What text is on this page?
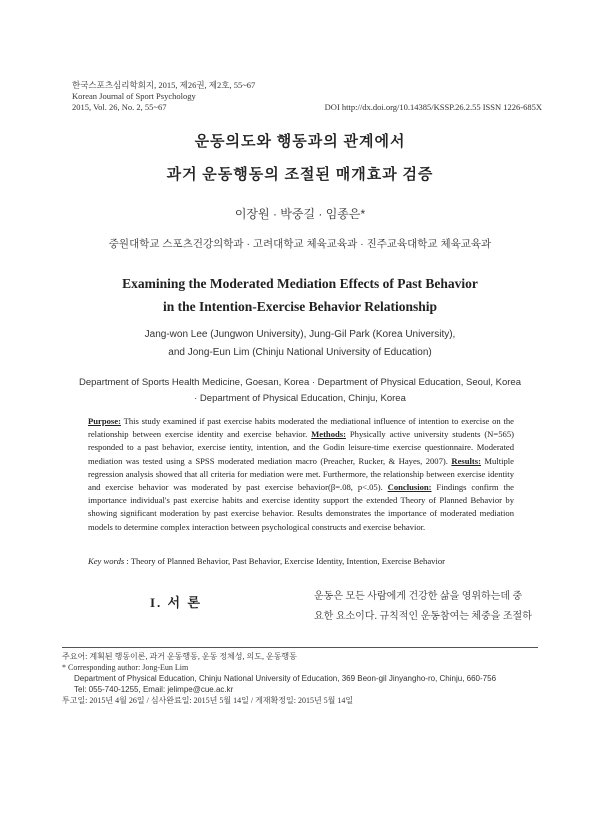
한국스포츠심리학회지, 2015, 제26권, 제2호, 55~67
Korean Journal of Sport Psychology
2015, Vol. 26, No. 2, 55~67	DOI http://dx.doi.org/10.14385/KSSP.26.2.55 ISSN 1226-685X
운동의도와 행동과의 관계에서
과거 운동행동의 조절된 매개효과 검증
이장원 · 박중길 · 임종은*
중원대학교 스포츠건강의학과 · 고려대학교 체육교육과 · 진주교육대학교 체육교육과
Examining the Moderated Mediation Effects of Past Behavior
in the Intention-Exercise Behavior Relationship
Jang-won Lee (Jungwon University), Jung-Gil Park (Korea University),
and Jong-Eun Lim (Chinju National University of Education)
Department of Sports Health Medicine, Goesan, Korea · Department of Physical Education, Seoul, Korea
· Department of Physical Education, Chinju, Korea
Purpose: This study examined if past exercise habits moderated the mediational influence of intention to exercise on the relationship between exercise identity and exercise behavior. Methods: Physically active university students (N=565) responded to a past behavior, exercise ientity, intention, and the Godin leisure-time exercise questionnaire. Moderated mediation was tested using a SPSS moderated mediation macro (Preacher, Rucker, & Hayes, 2007). Results: Multiple regression analysis showed that all criteria for mediation were met. Furthermore, the relationship between exercise identity and exercise behavior was moderated by past exercise behavior(β=.08, p<.05). Conclusion: Findings confirm the importance individual's past exercise habits and exercise identity support the extended Theory of Planned Behavior by showing significant moderation by past exercise behavior. Results demonstrates the importance of moderated mediation models to determine complex interaction between psychological constructs and exercise behavior.
Key words : Theory of Planned Behavior, Past Behavior, Exercise Identity, Intention, Exercise Behavior
I. 서 론	운동은 모든 사람에게 건강한 삶을 영위하는데 중
요한 요소이다. 규칙적인 운동참여는 체중을 조절하
주요어: 계획된 행동이론, 과거 운동행동, 운동 정체성, 의도, 운동행동
* Corresponding author: Jong-Eun Lim
Department of Physical Education, Chinju National University of Education, 369 Beon-gil Jinyangho-ro, Chinju, 660-756
Tel: 055-740-1255, Email: jelimpe@cue.ac.kr
투고일: 2015년 4월 26일 / 심사완료일: 2015년 5월 14일 / 게재확정일: 2015년 5월 14일
